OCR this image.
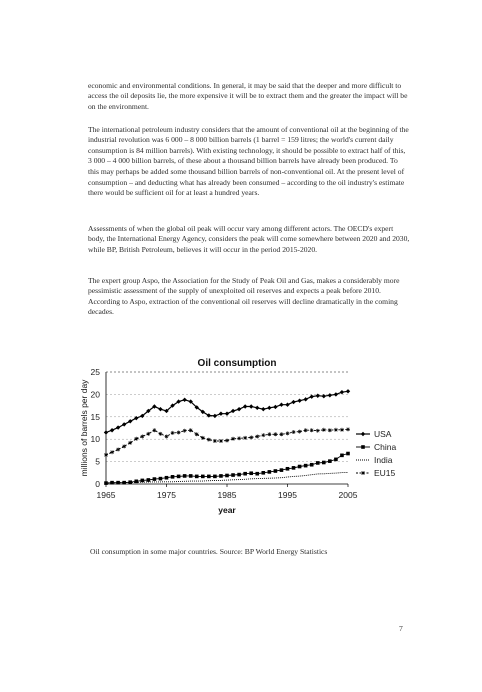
economic and environmental conditions. In general, it may be said that the deeper and more difficult to access the oil deposits lie, the more expensive it will be to extract them and the greater the impact will be on the environment.

The international petroleum industry considers that the amount of conventional oil at the beginning of the industrial revolution was 6 000 – 8 000 billion barrels (1 barrel = 159 litres; the world's current daily consumption is 84 million barrels). With existing technology, it should be possible to extract half of this, 3 000 – 4 000 billion barrels, of these about a thousand billion barrels have already been produced. To this may perhaps be added some thousand billion barrels of non-conventional oil. At the present level of consumption – and deducting what has already been consumed – according to the oil industry's estimate there would be sufficient oil for at least a hundred years.

Assessments of when the global oil peak will occur vary among different actors. The OECD's expert body, the International Energy Agency, considers the peak will come somewhere between 2020 and 2030, while BP, British Petroleum, believes it will occur in the period 2015-2020.

The expert group Aspo, the Association for the Study of Peak Oil and Gas, makes a considerably more pessimistic assessment of the supply of unexploited oil reserves and expects a peak before 2010. According to Aspo, extraction of the conventional oil reserves will decline dramatically in the coming decades.

Oil consumption
0
5
10
15
20
25
1965	1975	1985	1995	2005
year
millions of barrels per day	USA
China
India
EU15
Oil consumption in some major countries. Source: BP World Energy Statistics
7
